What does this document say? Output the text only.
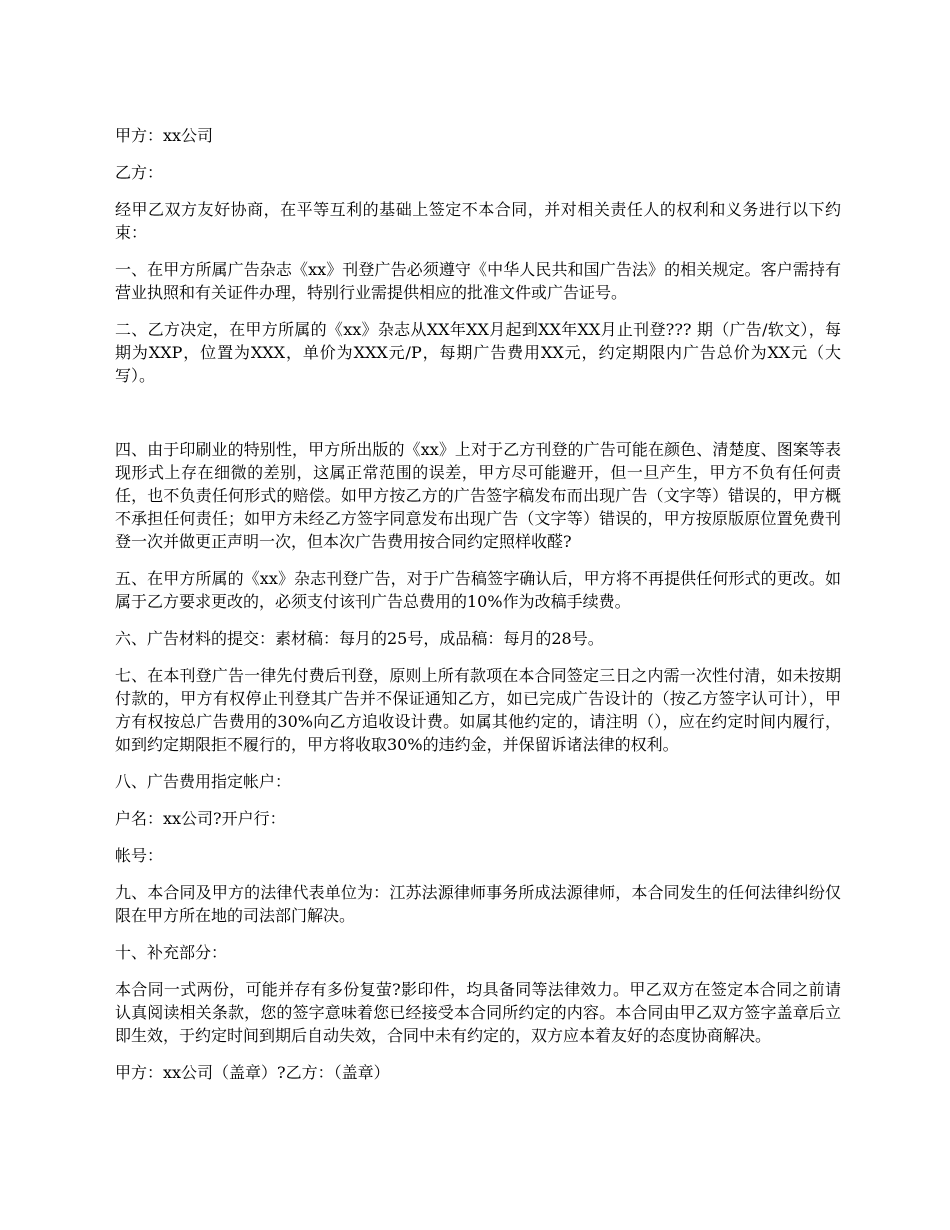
甲方：xx公司

乙方：

经甲乙双方友好协商，在平等互利的基础上签定不本合同，并对相关责任人的权利和义务进行以下约束：

一、在甲方所属广告杂志《xx》刊登广告必须遵守《中华人民共和国广告法》的相关规定。客户需持有营业执照和有关证件办理，特别行业需提供相应的批准文件或广告证号。

二、乙方决定，在甲方所属的《xx》杂志从XX年XX月起到XX年XX月止刊登??? 期（广告/软文），每期为XXP，位置为XXX，单价为XXX元/P，每期广告费用XX元，约定期限内广告总价为XX元（大写）。

四、由于印刷业的特别性，甲方所出版的《xx》上对于乙方刊登的广告可能在颜色、清楚度、图案等表现形式上存在细微的差别，这属正常范围的误差，甲方尽可能避开，但一旦产生，甲方不负有任何责任，也不负责任何形式的赔偿。如甲方按乙方的广告签字稿发布而出现广告（文字等）错误的，甲方概不承担任何责任；如甲方未经乙方签字同意发布出现广告（文字等）错误的，甲方按原版原位置免费刊登一次并做更正声明一次，但本次广告费用按合同约定照样收醛?

五、在甲方所属的《xx》杂志刊登广告，对于广告稿签字确认后，甲方将不再提供任何形式的更改。如属于乙方要求更改的，必须支付该刊广告总费用的10%作为改稿手续费。

六、广告材料的提交：素材稿：每月的25号，成品稿：每月的28号。

七、在本刊登广告一律先付费后刊登，原则上所有款项在本合同签定三日之内需一次性付清，如未按期付款的，甲方有权停止刊登其广告并不保证通知乙方，如已完成广告设计的（按乙方签字认可计），甲方有权按总广告费用的30%向乙方追收设计费。如属其他约定的，请注明（），应在约定时间内履行，如到约定期限拒不履行的，甲方将收取30%的违约金，并保留诉诸法律的权利。

八、广告费用指定帐户：

户名：xx公司?开户行：

帐号：

九、本合同及甲方的法律代表单位为：江苏法源律师事务所成法源律师，本合同发生的任何法律纠纷仅限在甲方所在地的司法部门解决。

十、补充部分：

本合同一式两份，可能并存有多份复萤?影印件，均具备同等法律效力。甲乙双方在签定本合同之前请认真阅读相关条款，您的签字意味着您已经接受本合同所约定的内容。本合同由甲乙双方签字盖章后立即生效，于约定时间到期后自动失效，合同中未有约定的，双方应本着友好的态度协商解决。

甲方：xx公司（盖章）?乙方：（盖章）
